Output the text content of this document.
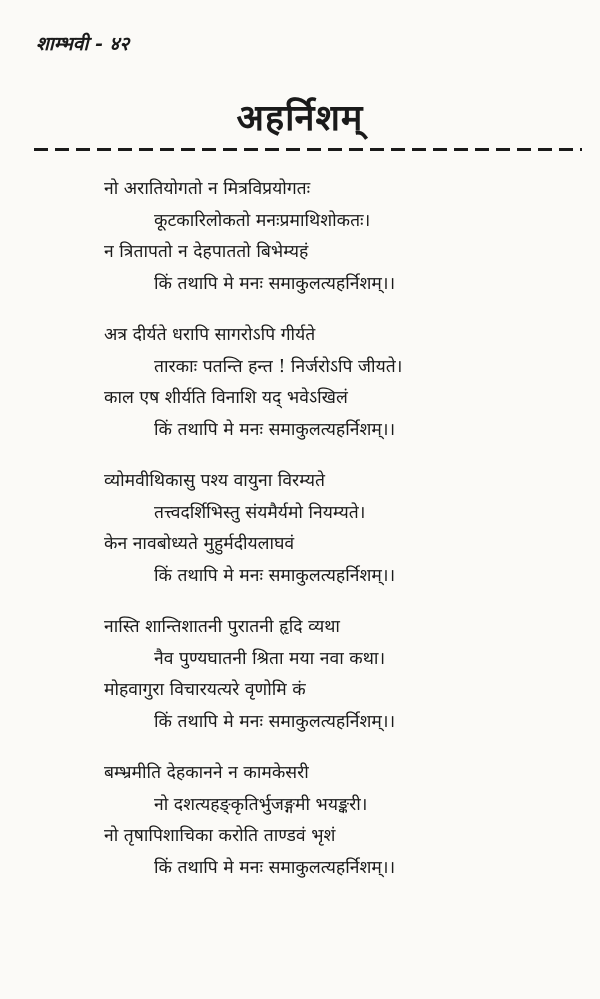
शाम्भवी - ४२
अहर्निशम्
नो अरातियोगतो न मित्रविप्रयोगतः
कूटकारिलोकतो मनःप्रमाथिशोकतः।
न त्रितापतो न देहपाततो बिभेम्यहं
किं तथापि मे मनः समाकुलत्यहर्निशम्।।
अत्र दीर्यते धरापि सागरोऽपि गीर्यते
तारकाः पतन्ति हन्त ! निर्जरोऽपि जीयते।
काल एष शीर्यति विनाशि यद् भवेऽखिलं
किं तथापि मे मनः समाकुलत्यहर्निशम्।।
व्योमवीथिकासु पश्य वायुना विरम्यते
तत्त्वदर्शिभिस्तु संयमैर्यमो नियम्यते।
केन नावबोध्यते मुहुर्मदीयलाघवं
किं तथापि मे मनः समाकुलत्यहर्निशम्।।
नास्ति शान्तिशातनी पुरातनी हृदि व्यथा
नैव पुण्यघातनी श्रिता मया नवा कथा।
मोहवागुरा विचारयत्यरे वृणोमि कं
किं तथापि मे मनः समाकुलत्यहर्निशम्।।
बम्भ्रमीति देहकानने न कामकेसरी
नो दशत्यहङ्कृतिर्भुजङ्गमी भयङ्करी।
नो तृषापिशाचिका करोति ताण्डवं भृशं
किं तथापि मे मनः समाकुलत्यहर्निशम्।।
